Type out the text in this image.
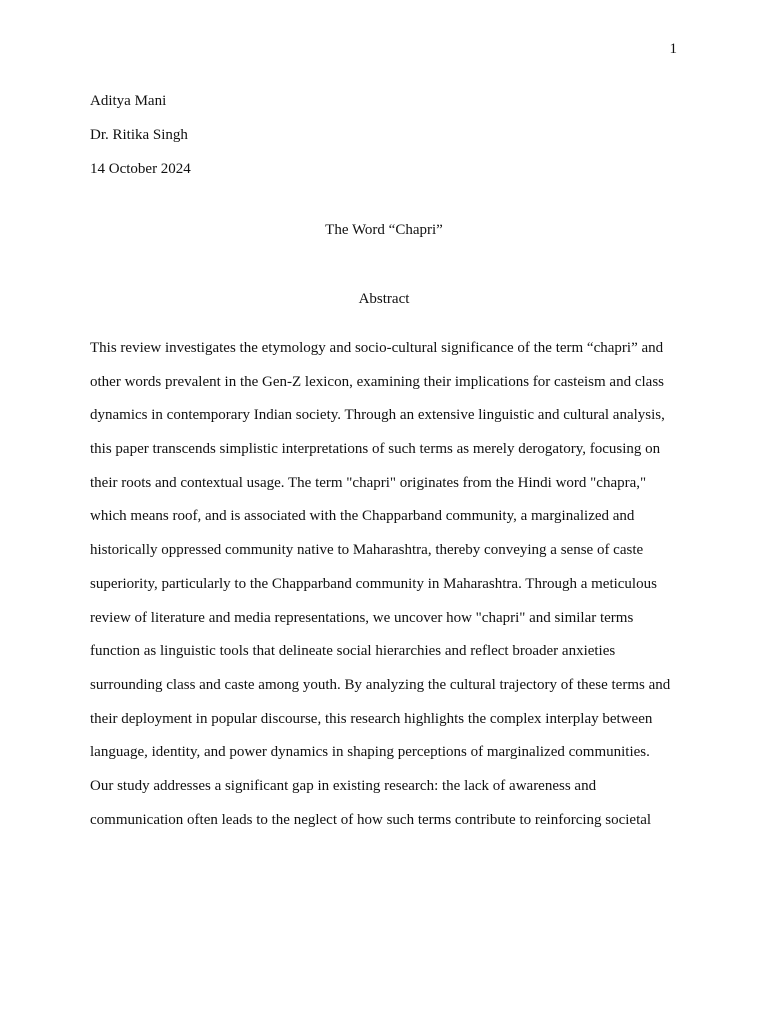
1
Aditya Mani
Dr. Ritika Singh
14 October 2024
The Word “Chapri”
Abstract
This review investigates the etymology and socio-cultural significance of the term “chapri” and
other words prevalent in the Gen-Z lexicon, examining their implications for casteism and class
dynamics in contemporary Indian society. Through an extensive linguistic and cultural analysis,
this paper transcends simplistic interpretations of such terms as merely derogatory, focusing on
their roots and contextual usage. The term "chapri" originates from the Hindi word "chapra,"
which means roof, and is associated with the Chapparband community, a marginalized and
historically oppressed community native to Maharashtra, thereby conveying a sense of caste
superiority, particularly to the Chapparband community in Maharashtra. Through a meticulous
review of literature and media representations, we uncover how "chapri" and similar terms
function as linguistic tools that delineate social hierarchies and reflect broader anxieties
surrounding class and caste among youth. By analyzing the cultural trajectory of these terms and
their deployment in popular discourse, this research highlights the complex interplay between
language, identity, and power dynamics in shaping perceptions of marginalized communities.
Our study addresses a significant gap in existing research: the lack of awareness and
communication often leads to the neglect of how such terms contribute to reinforcing societal
